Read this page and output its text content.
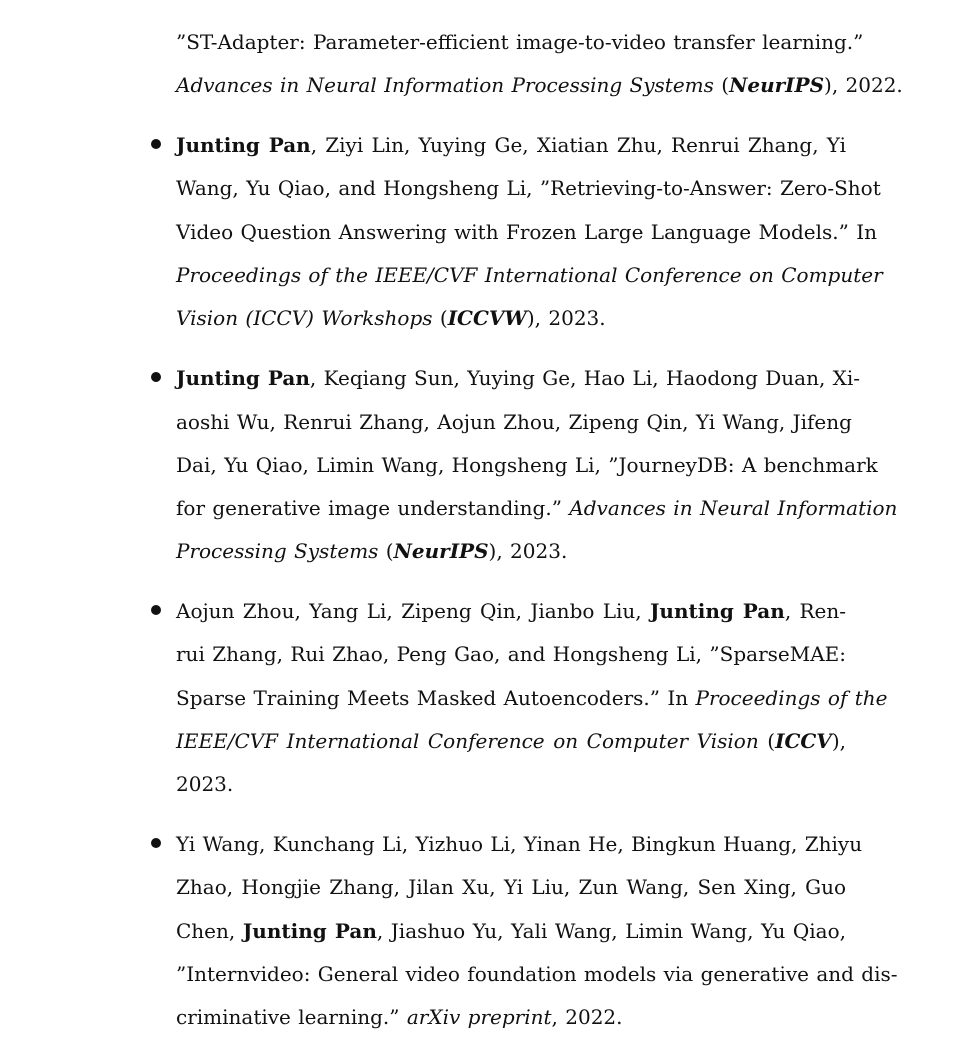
”ST-Adapter: Parameter-efficient image-to-video transfer learning.”
Advances in Neural Information Processing Systems (NeurIPS), 2022.
Junting Pan, Ziyi Lin, Yuying Ge, Xiatian Zhu, Renrui Zhang, Yi
Wang, Yu Qiao, and Hongsheng Li, ”Retrieving-to-Answer: Zero-Shot
Video Question Answering with Frozen Large Language Models.” In
Proceedings of the IEEE/CVF International Conference on Computer
Vision (ICCV) Workshops (ICCVW), 2023.
Junting Pan, Keqiang Sun, Yuying Ge, Hao Li, Haodong Duan, Xi-
aoshi Wu, Renrui Zhang, Aojun Zhou, Zipeng Qin, Yi Wang, Jifeng
Dai, Yu Qiao, Limin Wang, Hongsheng Li, ”JourneyDB: A benchmark
for generative image understanding.” Advances in Neural Information
Processing Systems (NeurIPS), 2023.
Aojun Zhou, Yang Li, Zipeng Qin, Jianbo Liu, Junting Pan, Ren-
rui Zhang, Rui Zhao, Peng Gao, and Hongsheng Li, ”SparseMAE:
Sparse Training Meets Masked Autoencoders.” In Proceedings of the
IEEE/CVF International Conference on Computer Vision (ICCV),
2023.
Yi Wang, Kunchang Li, Yizhuo Li, Yinan He, Bingkun Huang, Zhiyu
Zhao, Hongjie Zhang, Jilan Xu, Yi Liu, Zun Wang, Sen Xing, Guo
Chen, Junting Pan, Jiashuo Yu, Yali Wang, Limin Wang, Yu Qiao,
”Internvideo: General video foundation models via generative and dis-
criminative learning.” arXiv preprint, 2022.
